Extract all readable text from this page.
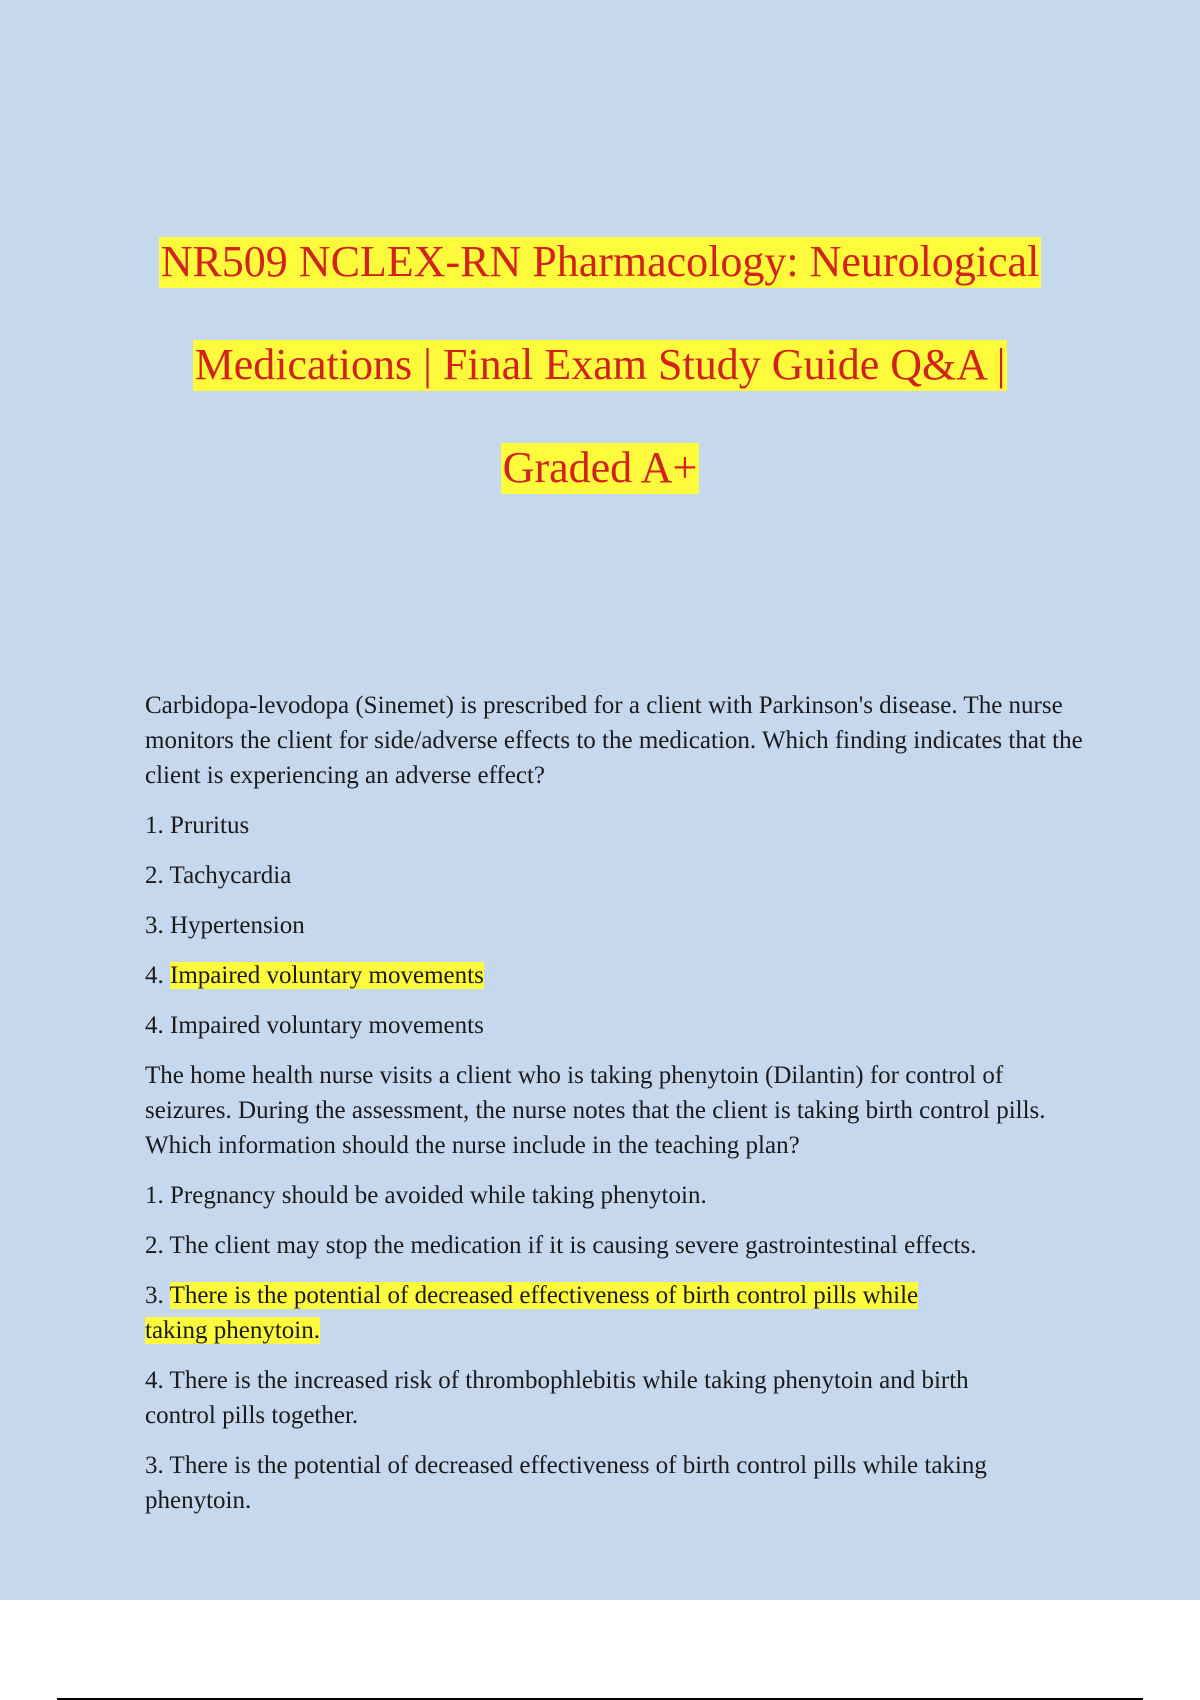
NR509 NCLEX-RN Pharmacology: Neurological
Medications | Final Exam Study Guide Q&A |
Graded A+

Carbidopa-levodopa (Sinemet) is prescribed for a client with Parkinson's disease. The nurse monitors the client for side/adverse effects to the medication. Which finding indicates that the client is experiencing an adverse effect?

1. Pruritus

2. Tachycardia

3. Hypertension

4. Impaired voluntary movements

4. Impaired voluntary movements

The home health nurse visits a client who is taking phenytoin (Dilantin) for control of seizures. During the assessment, the nurse notes that the client is taking birth control pills. Which information should the nurse include in the teaching plan?

1. Pregnancy should be avoided while taking phenytoin.

2. The client may stop the medication if it is causing severe gastrointestinal effects.

3. There is the potential of decreased effectiveness of birth control pills while taking phenytoin.

4. There is the increased risk of thrombophlebitis while taking phenytoin and birth control pills together.

3. There is the potential of decreased effectiveness of birth control pills while taking phenytoin.
